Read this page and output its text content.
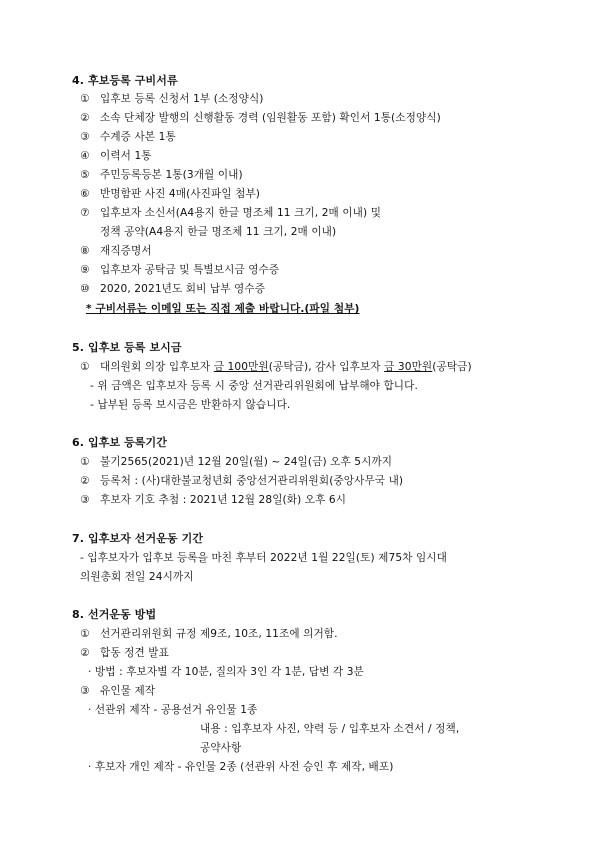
4. 후보등록 구비서류
① 입후보 등록 신청서 1부 (소정양식)
② 소속 단체장 발행의 신행활동 경력 (임원활동 포함) 확인서 1통(소정양식)
③ 수계증 사본 1통
④ 이력서 1통
⑤ 주민등록등본 1통(3개월 이내)
⑥ 반명함판 사진 4매(사진파일 첨부)
⑦ 입후보자 소신서(A4용지 한글 명조체 11 크기, 2매 이내) 및
정책 공약(A4용지 한글 명조체 11 크기, 2매 이내)
⑧ 재직증명서
⑨ 입후보자 공탁금 및 특별보시금 영수증
⑩ 2020, 2021년도 회비 납부 영수증
* 구비서류는 이메일 또는 직접 제출 바랍니다.(파일 첨부)
5. 입후보 등록 보시금
① 대의원회 의장 입후보자 금 100만원(공탁금), 감사 입후보자 금 30만원(공탁금)
- 위 금액은 입후보자 등록 시 중앙 선거관리위원회에 납부해야 합니다.
- 납부된 등록 보시금은 반환하지 않습니다.
6. 입후보 등록기간
① 불기2565(2021)년 12월 20일(월) ~ 24일(금) 오후 5시까지
② 등록처 : (사)대한불교청년회 중앙선거관리위원회(중앙사무국 내)
③ 후보자 기호 추첨 : 2021년 12월 28일(화) 오후 6시
7. 입후보자 선거운동 기간
- 입후보자가 입후보 등록을 마친 후부터 2022년 1월 22일(토) 제75차 임시대
의원총회 전일 24시까지
8. 선거운동 방법
① 선거관리위원회 규정 제9조, 10조, 11조에 의거함.
② 합동 정견 발표
· 방법 : 후보자별 각 10분, 질의자 3인 각 1분, 답변 각 3분
③ 유인물 제작
· 선관위 제작 - 공용선거 유인물 1종
내용 : 입후보자 사진, 약력 등 / 입후보자 소견서 / 정책,
공약사항
· 후보자 개인 제작 - 유인물 2종 (선관위 사전 승인 후 제작, 배포)
